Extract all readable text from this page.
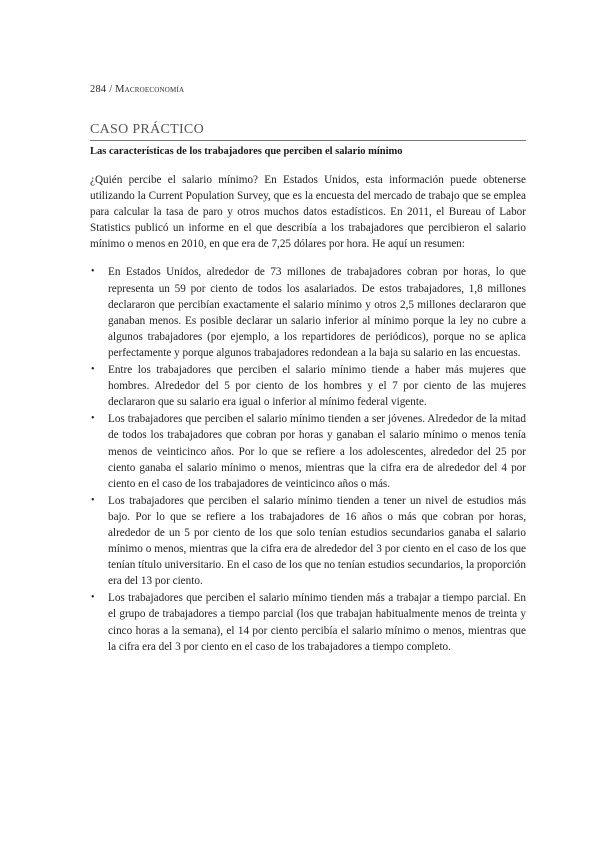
284 / Macroeconomía
CASO PRÁCTICO
Las características de los trabajadores que perciben el salario mínimo

¿Quién percibe el salario mínimo? En Estados Unidos, esta información puede obtenerse utilizando la Current Population Survey, que es la encuesta del mercado de trabajo que se emplea para calcular la tasa de paro y otros muchos datos estadísticos. En 2011, el Bureau of Labor Statistics publicó un informe en el que describía a los trabajadores que percibieron el salario mínimo o menos en 2010, en que era de 7,25 dólares por hora. He aquí un resumen:

• En Estados Unidos, alrededor de 73 millones de trabajadores cobran por horas, lo que representa un 59 por ciento de todos los asalariados. De estos trabajadores, 1,8 millones declararon que percibían exactamente el salario mínimo y otros 2,5 millones declararon que ganaban menos. Es posible declarar un salario inferior al mínimo porque la ley no cubre a algunos trabajadores (por ejemplo, a los repartidores de periódicos), porque no se aplica perfectamente y porque algunos trabajadores redondean a la baja su salario en las encuestas.
• Entre los trabajadores que perciben el salario mínimo tiende a haber más mujeres que hombres. Alrededor del 5 por ciento de los hombres y el 7 por ciento de las mujeres declararon que su salario era igual o inferior al mínimo federal vigente.
• Los trabajadores que perciben el salario mínimo tienden a ser jóvenes. Alrededor de la mitad de todos los trabajadores que cobran por horas y ganaban el salario mínimo o menos tenía menos de veinticinco años. Por lo que se refiere a los adolescentes, alrededor del 25 por ciento ganaba el salario mínimo o menos, mientras que la cifra era de alrededor del 4 por ciento en el caso de los trabajadores de veinticinco años o más.
• Los trabajadores que perciben el salario mínimo tienden a tener un nivel de estudios más bajo. Por lo que se refiere a los trabajadores de 16 años o más que cobran por horas, alrededor de un 5 por ciento de los que solo tenían estudios secundarios ganaba el salario mínimo o menos, mientras que la cifra era de alrededor del 3 por ciento en el caso de los que tenían título universitario. En el caso de los que no tenían estudios secundarios, la proporción era del 13 por ciento.
• Los trabajadores que perciben el salario mínimo tienden más a trabajar a tiempo parcial. En el grupo de trabajadores a tiempo parcial (los que trabajan habitualmente menos de treinta y cinco horas a la semana), el 14 por ciento percibía el salario mínimo o menos, mientras que la cifra era del 3 por ciento en el caso de los trabajadores a tiempo completo.
